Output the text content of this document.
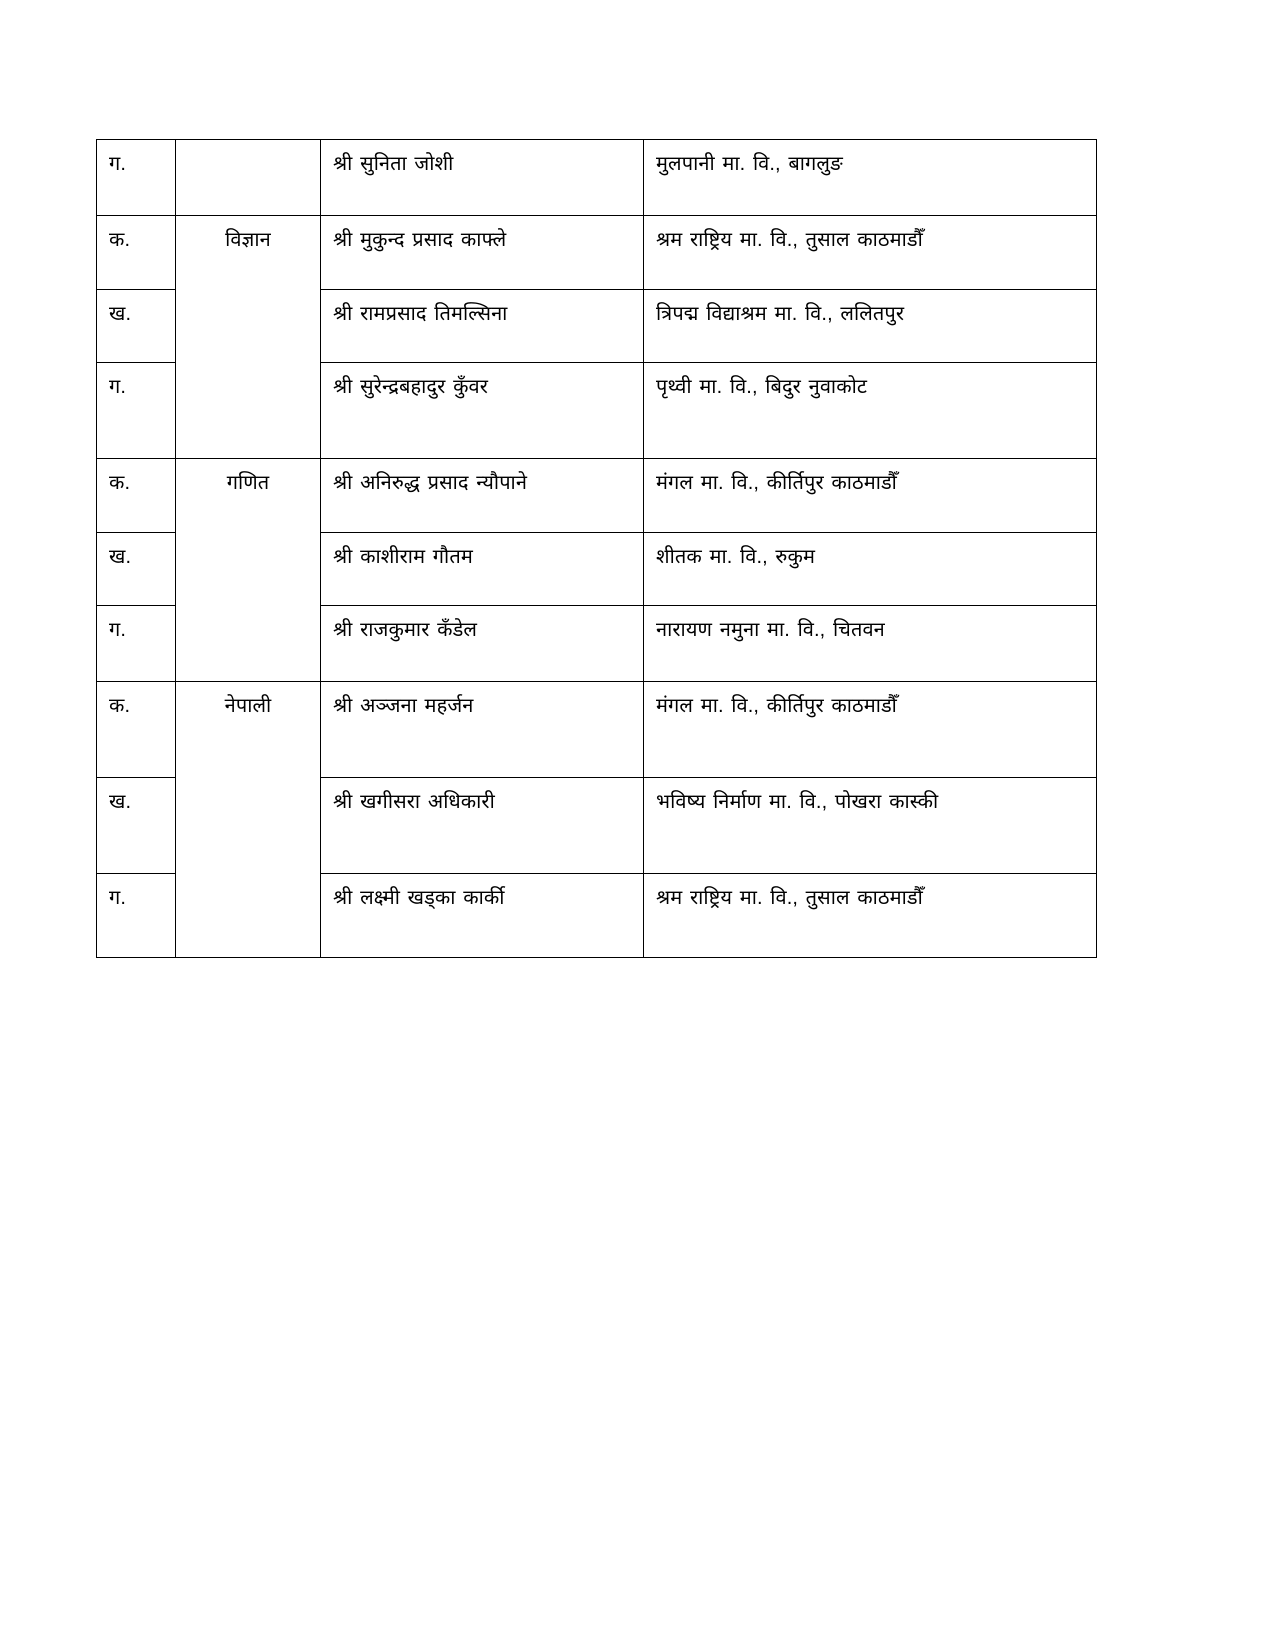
ग.		श्री सुनिता जोशी	मुलपानी मा. वि., बागलुङ
क.	विज्ञान	श्री मुकुन्द प्रसाद काफ्ले	श्रम राष्ट्रिय मा. वि., तुसाल काठमाडौँ
ख.		श्री रामप्रसाद तिमल्सिना	त्रिपद्म विद्याश्रम मा. वि., ललितपुर
ग.		श्री सुरेन्द्रबहादुर कुँवर	पृथ्वी मा. वि., बिदुर नुवाकोट
क.	गणित	श्री अनिरुद्ध प्रसाद न्यौपाने	मंगल मा. वि., कीर्तिपुर काठमाडौँ
ख.		श्री काशीराम गौतम	शीतक मा. वि., रुकुम
ग.		श्री राजकुमार कँडेल	नारायण नमुना मा. वि., चितवन
क.	नेपाली	श्री अञ्जना महर्जन	मंगल मा. वि., कीर्तिपुर काठमाडौँ
ख.		श्री खगीसरा अधिकारी	भविष्य निर्माण मा. वि., पोखरा कास्की
ग.		श्री लक्ष्मी खड्का कार्की	श्रम राष्ट्रिय मा. वि., तुसाल काठमाडौँ
